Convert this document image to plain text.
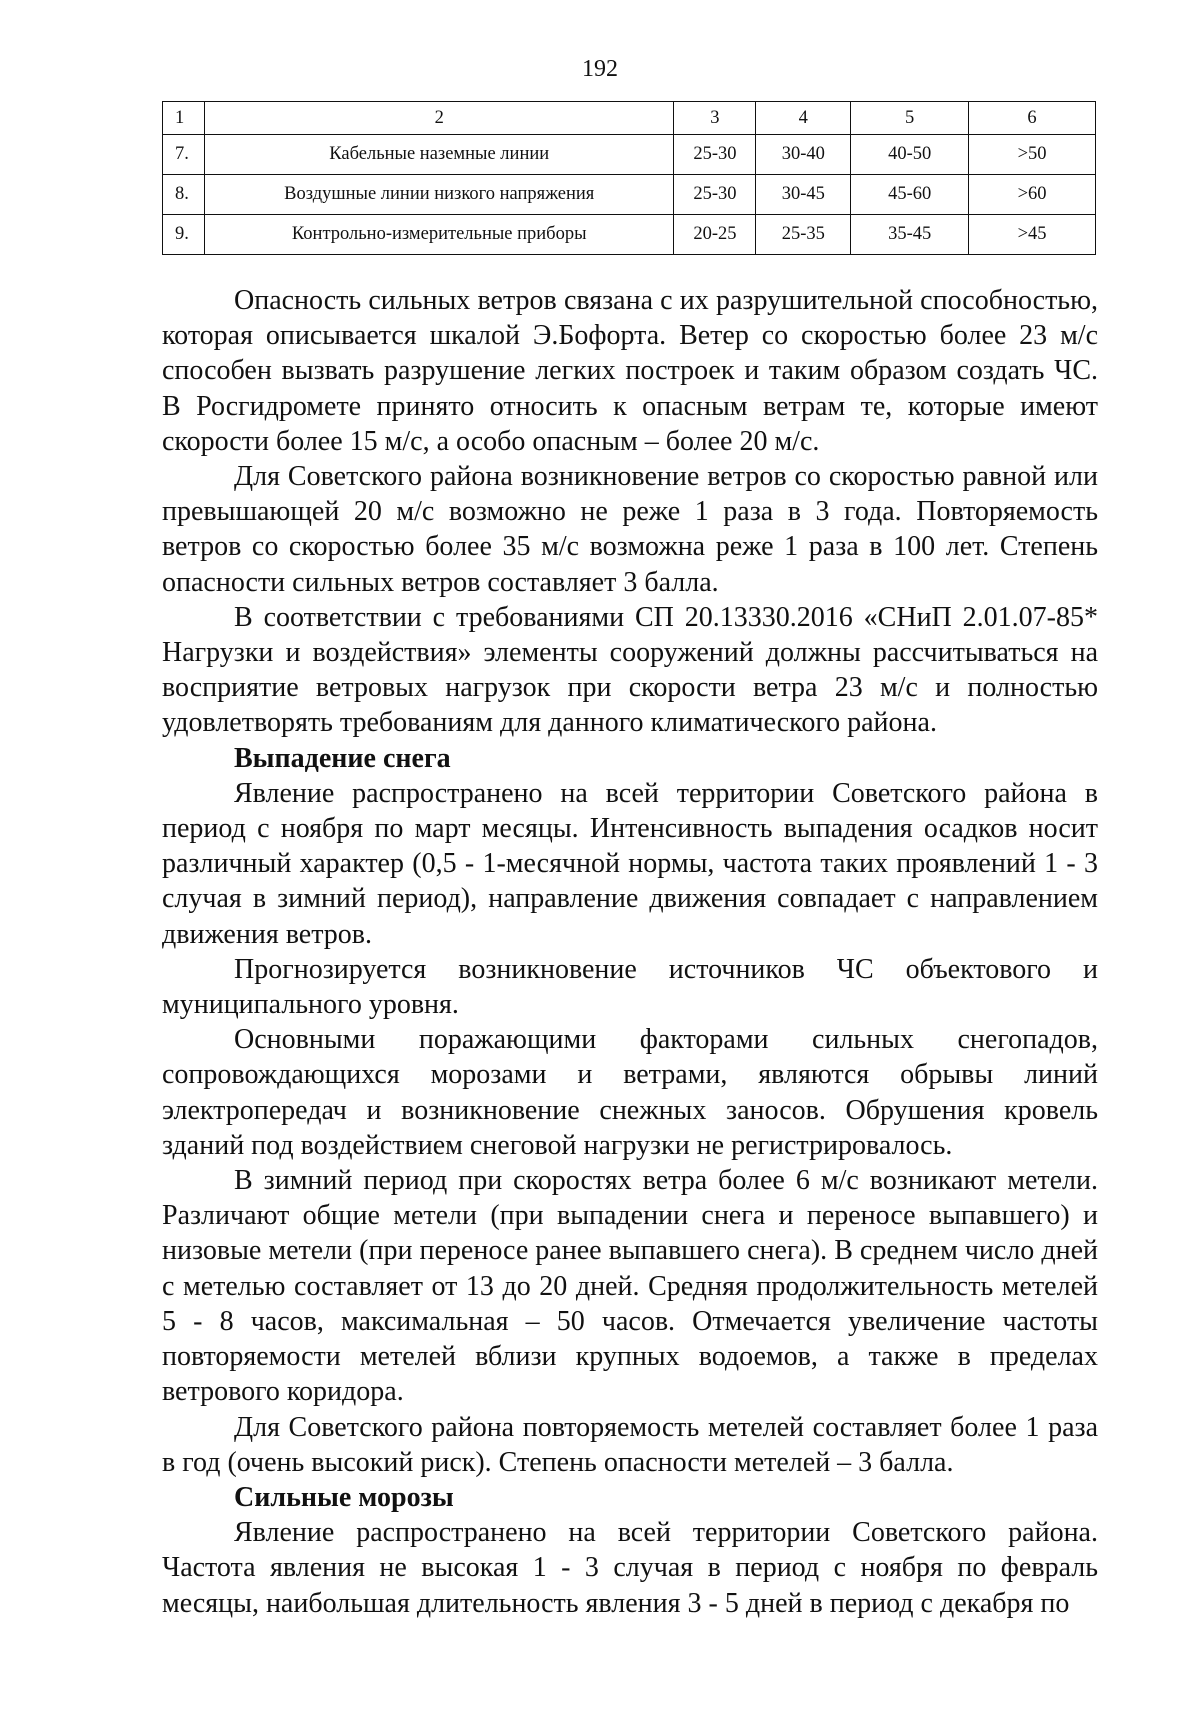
192
1	2	3	4	5	6
7.	Кабельные наземные линии	25-30	30-40	40-50	>50
8.	Воздушные линии низкого напряжения	25-30	30-45	45-60	>60
9.	Контрольно-измерительные приборы	20-25	25-35	35-45	>45

Опасность сильных ветров связана с их разрушительной способностью, которая описывается шкалой Э.Бофорта. Ветер со скоростью более 23 м/с способен вызвать разрушение легких построек и таким образом создать ЧС. В Росгидромете принято относить к опасным ветрам те, которые имеют скорости более 15 м/с, а особо опасным – более 20 м/с.

Для Советского района возникновение ветров со скоростью равной или превышающей 20 м/с возможно не реже 1 раза в 3 года. Повторяемость ветров со скоростью более 35 м/с возможна реже 1 раза в 100 лет. Степень опасности сильных ветров составляет 3 балла.

В соответствии с требованиями СП 20.13330.2016 «СНиП 2.01.07-85* Нагрузки и воздействия» элементы сооружений должны рассчитываться на восприятие ветровых нагрузок при скорости ветра 23 м/с и полностью удовлетворять требованиям для данного климатического района.

Выпадение снега

Явление распространено на всей территории Советского района в период с ноября по март месяцы. Интенсивность выпадения осадков носит различный характер (0,5 - 1-месячной нормы, частота таких проявлений 1 - 3 случая в зимний период), направление движения совпадает с направлением движения ветров.

Прогнозируется возникновение источников ЧС объектового и муниципального уровня.

Основными поражающими факторами сильных снегопадов, сопровождающихся морозами и ветрами, являются обрывы линий электропередач и возникновение снежных заносов. Обрушения кровель зданий под воздействием снеговой нагрузки не регистрировалось.

В зимний период при скоростях ветра более 6 м/с возникают метели. Различают общие метели (при выпадении снега и переносе выпавшего) и низовые метели (при переносе ранее выпавшего снега). В среднем число дней с метелью составляет от 13 до 20 дней. Средняя продолжительность метелей 5 - 8 часов, максимальная – 50 часов. Отмечается увеличение частоты повторяемости метелей вблизи крупных водоемов, а также в пределах ветрового коридора.

Для Советского района повторяемость метелей составляет более 1 раза в год (очень высокий риск). Степень опасности метелей – 3 балла.

Сильные морозы

Явление распространено на всей территории Советского района. Частота явления не высокая 1 - 3 случая в период с ноября по февраль месяцы, наибольшая длительность явления 3 - 5 дней в период с декабря по
